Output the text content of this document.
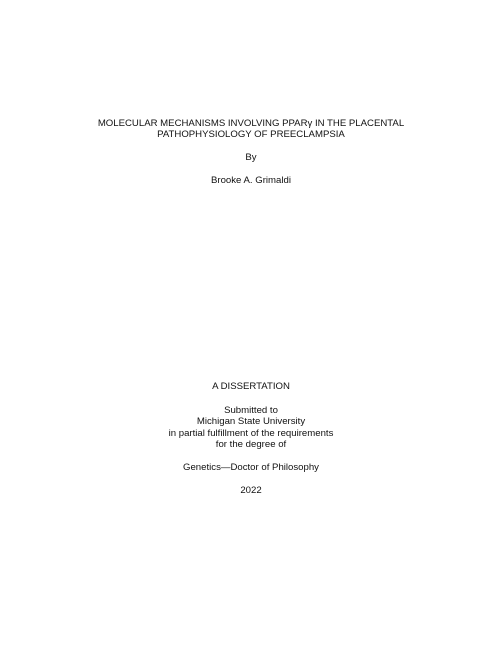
MOLECULAR MECHANISMS INVOLVING PPARγ IN THE PLACENTAL
PATHOPHYSIOLOGY OF PREECLAMPSIA
By
Brooke A. Grimaldi
A DISSERTATION
Submitted to
Michigan State University
in partial fulfillment of the requirements
for the degree of
Genetics—Doctor of Philosophy
2022
